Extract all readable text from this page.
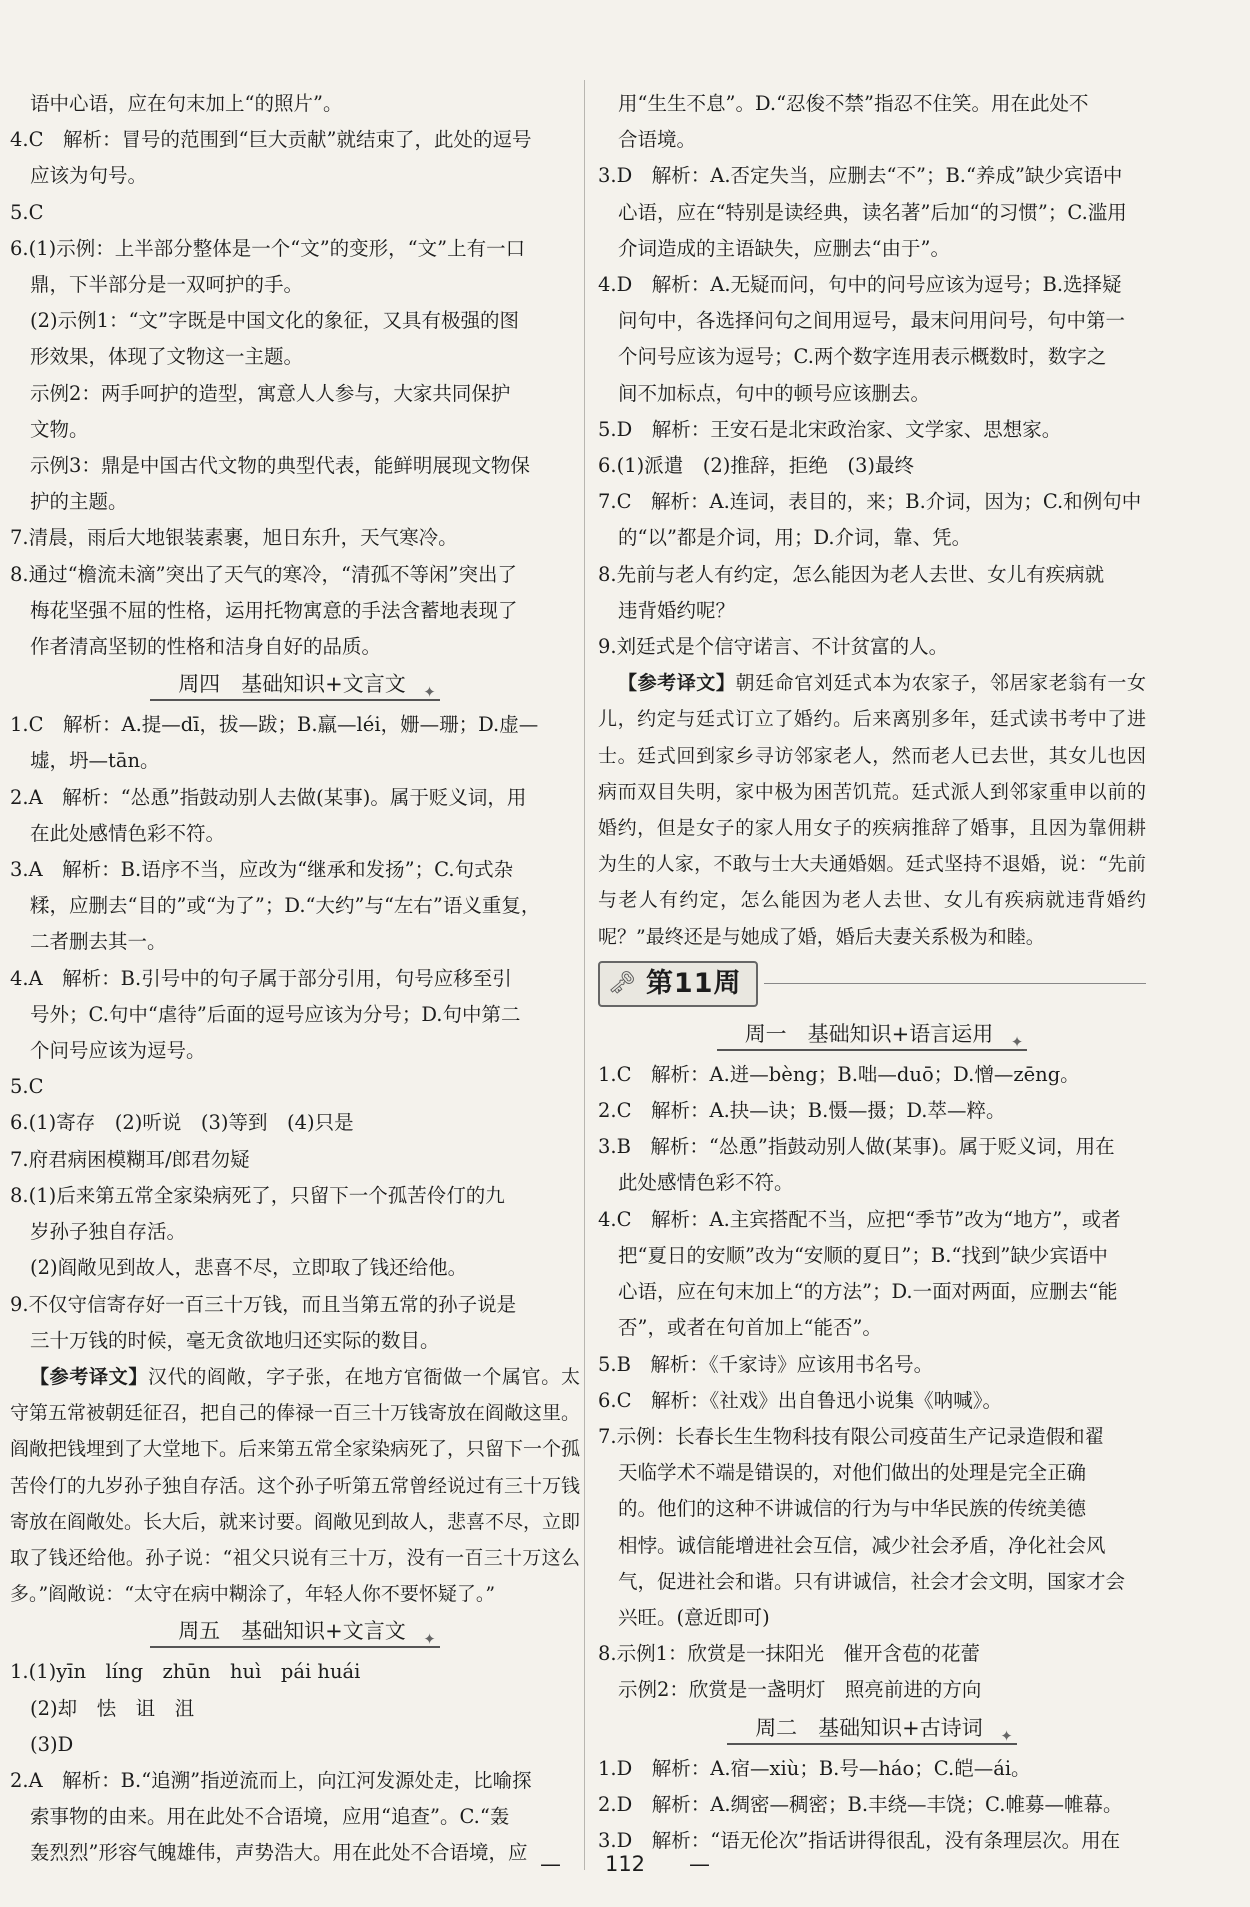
语中心语，应在句末加上“的照片”。

4.C　解析：冒号的范围到“巨大贡献”就结束了，此处的逗号

应该为句号。

5.C

6.(1)示例：上半部分整体是一个“文”的变形，“文”上有一口

鼎，下半部分是一双呵护的手。

(2)示例1：“文”字既是中国文化的象征，又具有极强的图

形效果，体现了文物这一主题。

示例2：两手呵护的造型，寓意人人参与，大家共同保护

文物。

示例3：鼎是中国古代文物的典型代表，能鲜明展现文物保

护的主题。

7.清晨，雨后大地银装素裹，旭日东升，天气寒冷。

8.通过“檐流未滴”突出了天气的寒冷，“清孤不等闲”突出了

梅花坚强不屈的性格，运用托物寓意的手法含蓄地表现了

作者清高坚韧的性格和洁身自好的品质。

周四　基础知识+文言文 ✦

1.C　解析：A.提—dī，拔—跋；B.羸—léi，姗—珊；D.虚—

墟，坍—tān。

2.A　解析：“怂恿”指鼓动别人去做(某事)。属于贬义词，用

在此处感情色彩不符。

3.A　解析：B.语序不当，应改为“继承和发扬”；C.句式杂

糅，应删去“目的”或“为了”；D.“大约”与“左右”语义重复，

二者删去其一。

4.A　解析：B.引号中的句子属于部分引用，句号应移至引

号外；C.句中“虐待”后面的逗号应该为分号；D.句中第二

个问号应该为逗号。

5.C

6.(1)寄存　(2)听说　(3)等到　(4)只是

7.府君病困模糊耳/郎君勿疑

8.(1)后来第五常全家染病死了，只留下一个孤苦伶仃的九

岁孙子独自存活。

(2)阎敞见到故人，悲喜不尽，立即取了钱还给他。

9.不仅守信寄存好一百三十万钱，而且当第五常的孙子说是

三十万钱的时候，毫无贪欲地归还实际的数目。

【参考译文】汉代的阎敞，字子张，在地方官衙做一个属官。太守第五常被朝廷征召，把自己的俸禄一百三十万钱寄放在阎敞这里。阎敞把钱埋到了大堂地下。后来第五常全家染病死了，只留下一个孤苦伶仃的九岁孙子独自存活。这个孙子听第五常曾经说过有三十万钱寄放在阎敞处。长大后，就来讨要。阎敞见到故人，悲喜不尽，立即取了钱还给他。孙子说：“祖父只说有三十万，没有一百三十万这么多。”阎敞说：“太守在病中糊涂了，年轻人你不要怀疑了。”

周五　基础知识+文言文 ✦

1.(1)yīn　líng　zhūn　huì　pái huái

(2)却　怯　诅　沮

(3)D

2.A　解析：B.“追溯”指逆流而上，向江河发源处走，比喻探

索事物的由来。用在此处不合语境，应用“追查”。C.“轰

轰烈烈”形容气魄雄伟，声势浩大。用在此处不合语境，应

用“生生不息”。D.“忍俊不禁”指忍不住笑。用在此处不

合语境。

3.D　解析：A.否定失当，应删去“不”；B.“养成”缺少宾语中

心语，应在“特别是读经典，读名著”后加“的习惯”；C.滥用

介词造成的主语缺失，应删去“由于”。

4.D　解析：A.无疑而问，句中的问号应该为逗号；B.选择疑

问句中，各选择问句之间用逗号，最末问用问号，句中第一

个问号应该为逗号；C.两个数字连用表示概数时，数字之

间不加标点，句中的顿号应该删去。

5.D　解析：王安石是北宋政治家、文学家、思想家。

6.(1)派遣　(2)推辞，拒绝　(3)最终

7.C　解析：A.连词，表目的，来；B.介词，因为；C.和例句中

的“以”都是介词，用；D.介词，靠、凭。

8.先前与老人有约定，怎么能因为老人去世、女儿有疾病就

违背婚约呢？

9.刘廷式是个信守诺言、不计贫富的人。

【参考译文】朝廷命官刘廷式本为农家子，邻居家老翁有一女儿，约定与廷式订立了婚约。后来离别多年，廷式读书考中了进士。廷式回到家乡寻访邻家老人，然而老人已去世，其女儿也因病而双目失明，家中极为困苦饥荒。廷式派人到邻家重申以前的婚约，但是女子的家人用女子的疾病推辞了婚事，且因为靠佣耕为生的人家，不敢与士大夫通婚姻。廷式坚持不退婚，说：“先前与老人有约定，怎么能因为老人去世、女儿有疾病就违背婚约呢？”最终还是与她成了婚，婚后夫妻关系极为和睦。

🗝 第11周
周一　基础知识+语言运用 ✦

1.C　解析：A.迸—bèng；B.咄—duō；D.憎—zēng。

2.C　解析：A.抉—诀；B.慑—摄；D.萃—粹。

3.B　解析：“怂恿”指鼓动别人做(某事)。属于贬义词，用在

此处感情色彩不符。

4.C　解析：A.主宾搭配不当，应把“季节”改为“地方”，或者

把“夏日的安顺”改为“安顺的夏日”；B.“找到”缺少宾语中

心语，应在句末加上“的方法”；D.一面对两面，应删去“能

否”，或者在句首加上“能否”。

5.B　解析：《千家诗》应该用书名号。

6.C　解析：《社戏》出自鲁迅小说集《呐喊》。

7.示例：长春长生生物科技有限公司疫苗生产记录造假和翟

天临学术不端是错误的，对他们做出的处理是完全正确

的。他们的这种不讲诚信的行为与中华民族的传统美德

相悖。诚信能增进社会互信，减少社会矛盾，净化社会风

气，促进社会和谐。只有讲诚信，社会才会文明，国家才会

兴旺。(意近即可)

8.示例1：欣赏是一抹阳光　催开含苞的花蕾

示例2：欣赏是一盏明灯　照亮前进的方向

周二　基础知识+古诗词 ✦

1.D　解析：A.宿—xiù；B.号—háo；C.皑—ái。

2.D　解析：A.绸密—稠密；B.丰绕—丰饶；C.帷募—帷幕。

3.D　解析：“语无伦次”指话讲得很乱，没有条理层次。用在

— 112 —
